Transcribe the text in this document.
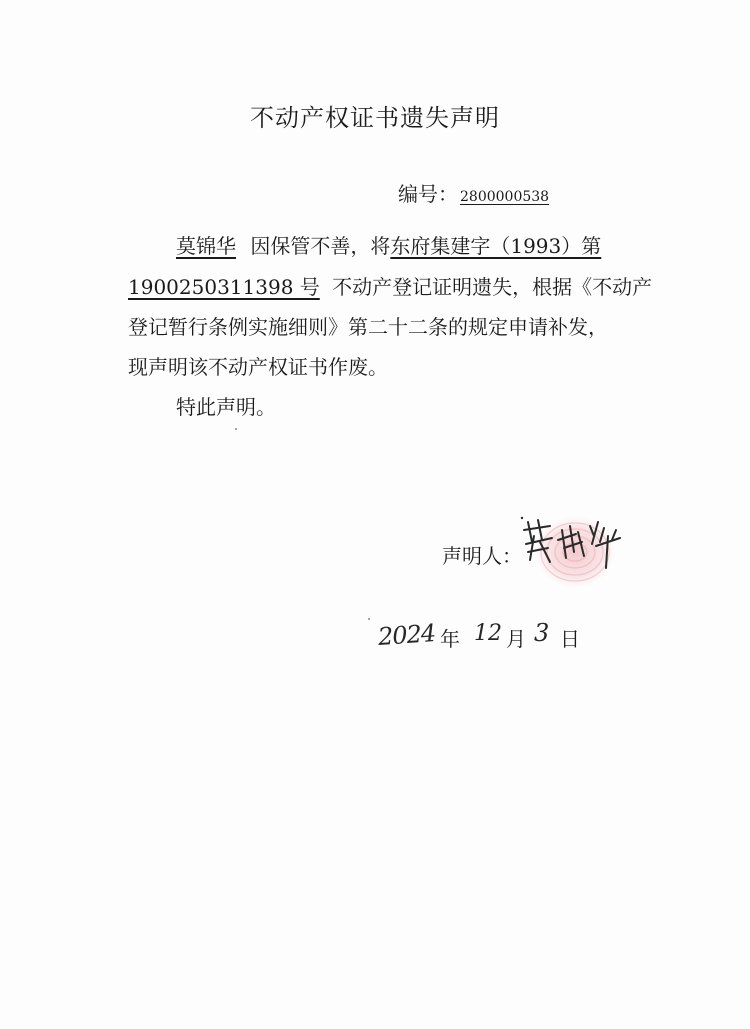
不动产权证书遗失声明
编号： 2800000538
莫锦华 因保管不善，将东府集建字（1993）第
1900250311398 号 不动产登记证明遗失，根据《不动产
登记暂行条例实施细则》第二十二条的规定申请补发，
现声明该不动产权证书作废。
特此声明。
声明人：
2024 年 12 月 3 日
